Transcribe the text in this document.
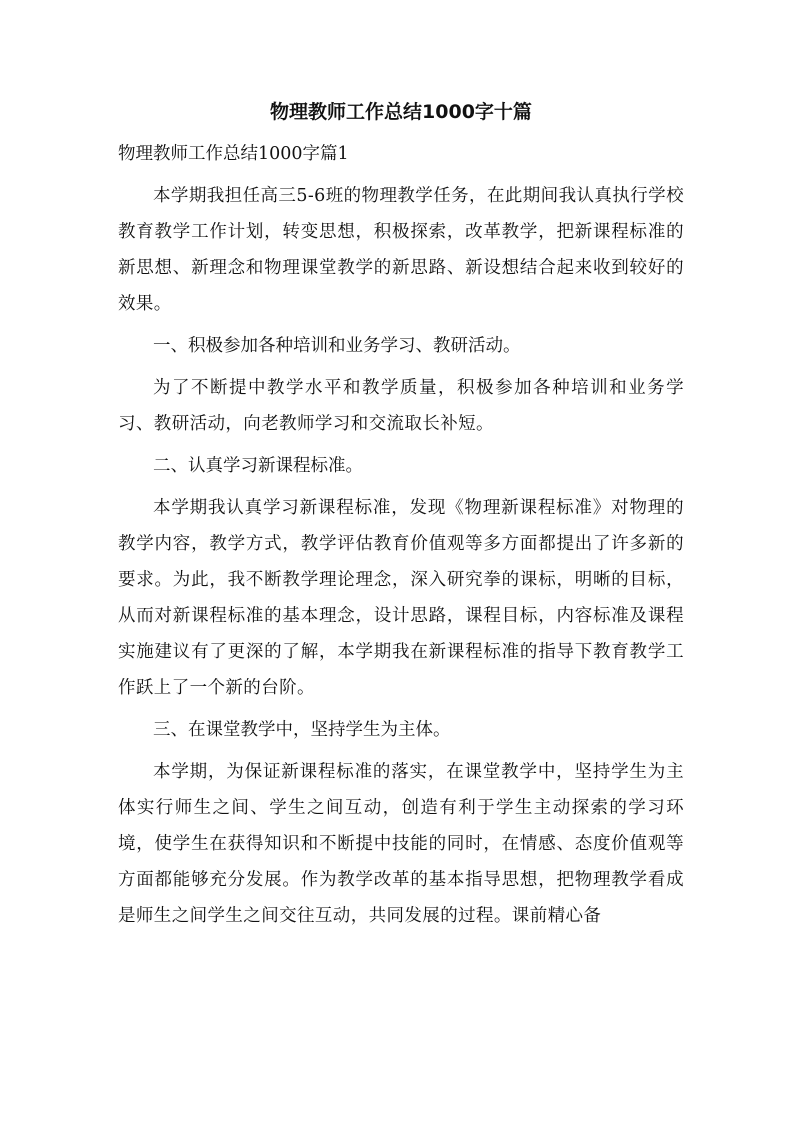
物理教师工作总结1000字十篇
物理教师工作总结1000字篇1

本学期我担任高三5-6班的物理教学任务，在此期间我认真执行学校教育教学工作计划，转变思想，积极探索，改革教学，把新课程标准的新思想、新理念和物理课堂教学的新思路、新设想结合起来收到较好的效果。

一、积极参加各种培训和业务学习、教研活动。

为了不断提中教学水平和教学质量，积极参加各种培训和业务学习、教研活动，向老教师学习和交流取长补短。

二、认真学习新课程标准。

本学期我认真学习新课程标准，发现《物理新课程标准》对物理的教学内容，教学方式，教学评估教育价值观等多方面都提出了许多新的要求。为此，我不断教学理论理念，深入研究拳的课标，明晰的目标，从而对新课程标准的基本理念，设计思路，课程目标，内容标准及课程实施建议有了更深的了解，本学期我在新课程标准的指导下教育教学工作跃上了一个新的台阶。

三、在课堂教学中，坚持学生为主体。

本学期，为保证新课程标准的落实，在课堂教学中，坚持学生为主体实行师生之间、学生之间互动，创造有利于学生主动探索的学习环境，使学生在获得知识和不断提中技能的同时，在情感、态度价值观等方面都能够充分发展。作为教学改革的基本指导思想，把物理教学看成是师生之间学生之间交往互动，共同发展的过程。课前精心备
